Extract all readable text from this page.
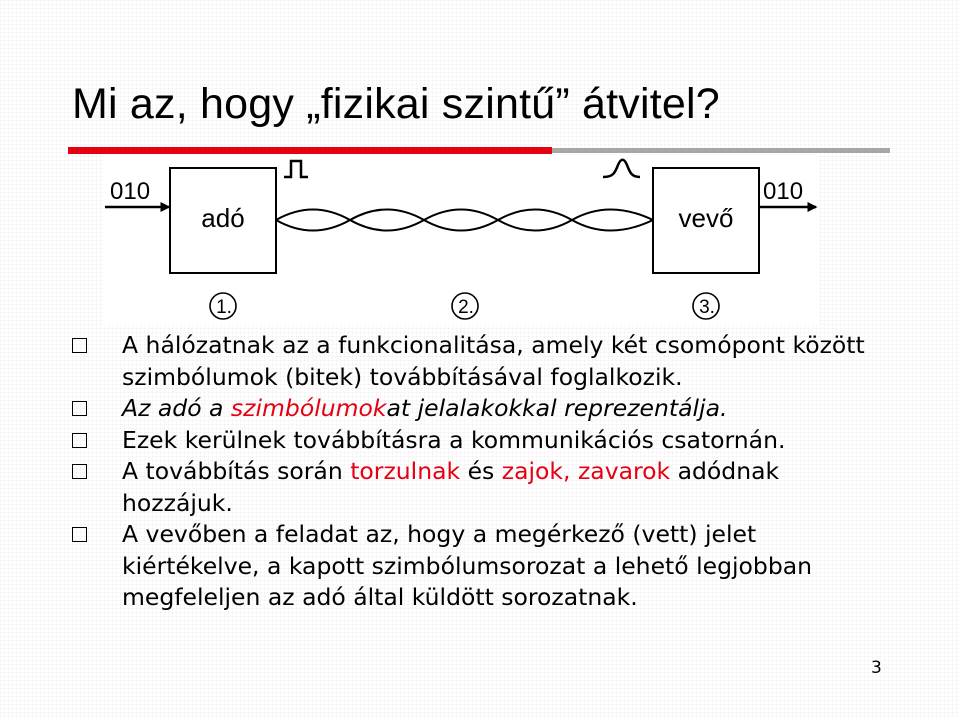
Mi az, hogy „fizikai szintű” átvitel?
010
adó	vevő
010
1.	2.	3.
A hálózatnak az a funkcionalitása, amely két csomópont között szimbólumok (bitek) továbbításával foglalkozik.
Az adó a szimbólumokat jelalakokkal reprezentálja.
Ezek kerülnek továbbításra a kommunikációs csatornán.
A továbbítás során torzulnak és zajok, zavarok adódnak hozzájuk.
A vevőben a feladat az, hogy a megérkező (vett) jelet kiértékelve, a kapott szimbólumsorozat a lehető legjobban megfeleljen az adó által küldött sorozatnak.
3
